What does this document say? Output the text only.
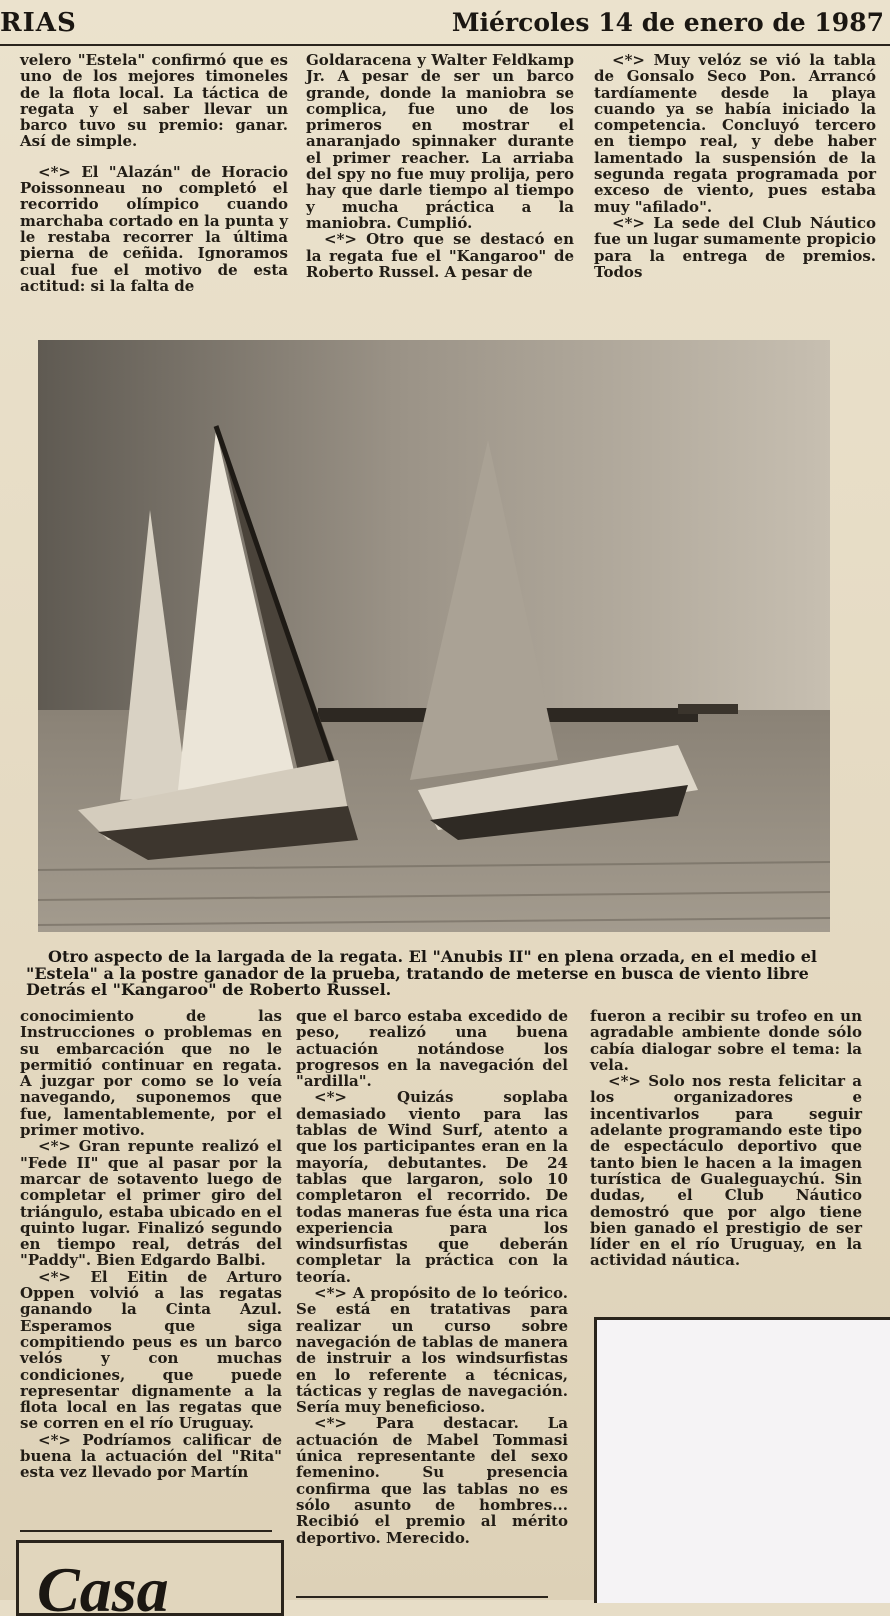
RIAS	Miércoles 14 de enero de 1987

velero "Estela" confirmó que es uno de los mejores timoneles de la flota local. La táctica de regata y el saber llevar un barco tuvo su premio: ganar. Así de simple.

<*> El "Alazán" de Horacio Poissonneau no completó el recorrido olímpico cuando marchaba cortado en la punta y le restaba recorrer la última pierna de ceñida. Ignoramos cual fue el motivo de esta actitud: si la falta de

Goldaracena y Walter Feldkamp Jr. A pesar de ser un barco grande, donde la maniobra se complica, fue uno de los primeros en mostrar el anaranjado spinnaker durante el primer reacher. La arriaba del spy no fue muy prolija, pero hay que darle tiempo al tiempo y mucha práctica a la maniobra. Cumplió.

<*> Otro que se destacó en la regata fue el "Kangaroo" de Roberto Russel. A pesar de

<*> Muy velóz se vió la tabla de Gonsalo Seco Pon. Arrancó tardíamente desde la playa cuando ya se había iniciado la competencia. Concluyó tercero en tiempo real, y debe haber lamentado la suspensión de la segunda regata programada por exceso de viento, pues estaba muy "afilado".

<*> La sede del Club Náutico fue un lugar sumamente propicio para la entrega de premios. Todos

Otro aspecto de la largada de la regata. El "Anubis II" en plena orzada, en el medio el
"Estela" a la postre ganador de la prueba, tratando de meterse en busca de viento libre
Detrás el "Kangaroo" de Roberto Russel.

conocimiento de las Instrucciones o problemas en su embarcación que no le permitió continuar en regata. A juzgar por como se lo veía navegando, suponemos que fue, lamentablemente, por el primer motivo.

<*> Gran repunte realizó el "Fede II" que al pasar por la marcar de sotavento luego de completar el primer giro del triángulo, estaba ubicado en el quinto lugar. Finalizó segundo en tiempo real, detrás del "Paddy". Bien Edgardo Balbi.

<*> El Eitin de Arturo Oppen volvió a las regatas ganando la Cinta Azul. Esperamos que siga compitiendo peus es un barco velós y con muchas condiciones, que puede representar dignamente a la flota local en las regatas que se corren en el río Uruguay.

<*> Podríamos calificar de buena la actuación del "Rita" esta vez llevado por Martín

que el barco estaba excedido de peso, realizó una buena actuación notándose los progresos en la navegación del "ardilla".

<*> Quizás soplaba demasiado viento para las tablas de Wind Surf, atento a que los participantes eran en la mayoría, debutantes. De 24 tablas que largaron, solo 10 completaron el recorrido. De todas maneras fue ésta una rica experiencia para los windsurfistas que deberán completar la práctica con la teoría.

<*> A propósito de lo teórico. Se está en tratativas para realizar un curso sobre navegación de tablas de manera de instruir a los windsurfistas en lo referente a técnicas, tácticas y reglas de navegación. Sería muy beneficioso.

<*> Para destacar. La actuación de Mabel Tommasi única representante del sexo femenino. Su presencia confirma que las tablas no es sólo asunto de hombres... Recibió el premio al mérito deportivo. Merecido.

fueron a recibir su trofeo en un agradable ambiente donde sólo cabía dialogar sobre el tema: la vela.

<*> Solo nos resta felicitar a los organizadores e incentivarlos para seguir adelante programando este tipo de espectáculo deportivo que tanto bien le hacen a la imagen turística de Gualeguaychú. Sin dudas, el Club Náutico demostró que por algo tiene bien ganado el prestigio de ser líder en el río Uruguay, en la actividad náutica.

Casa
